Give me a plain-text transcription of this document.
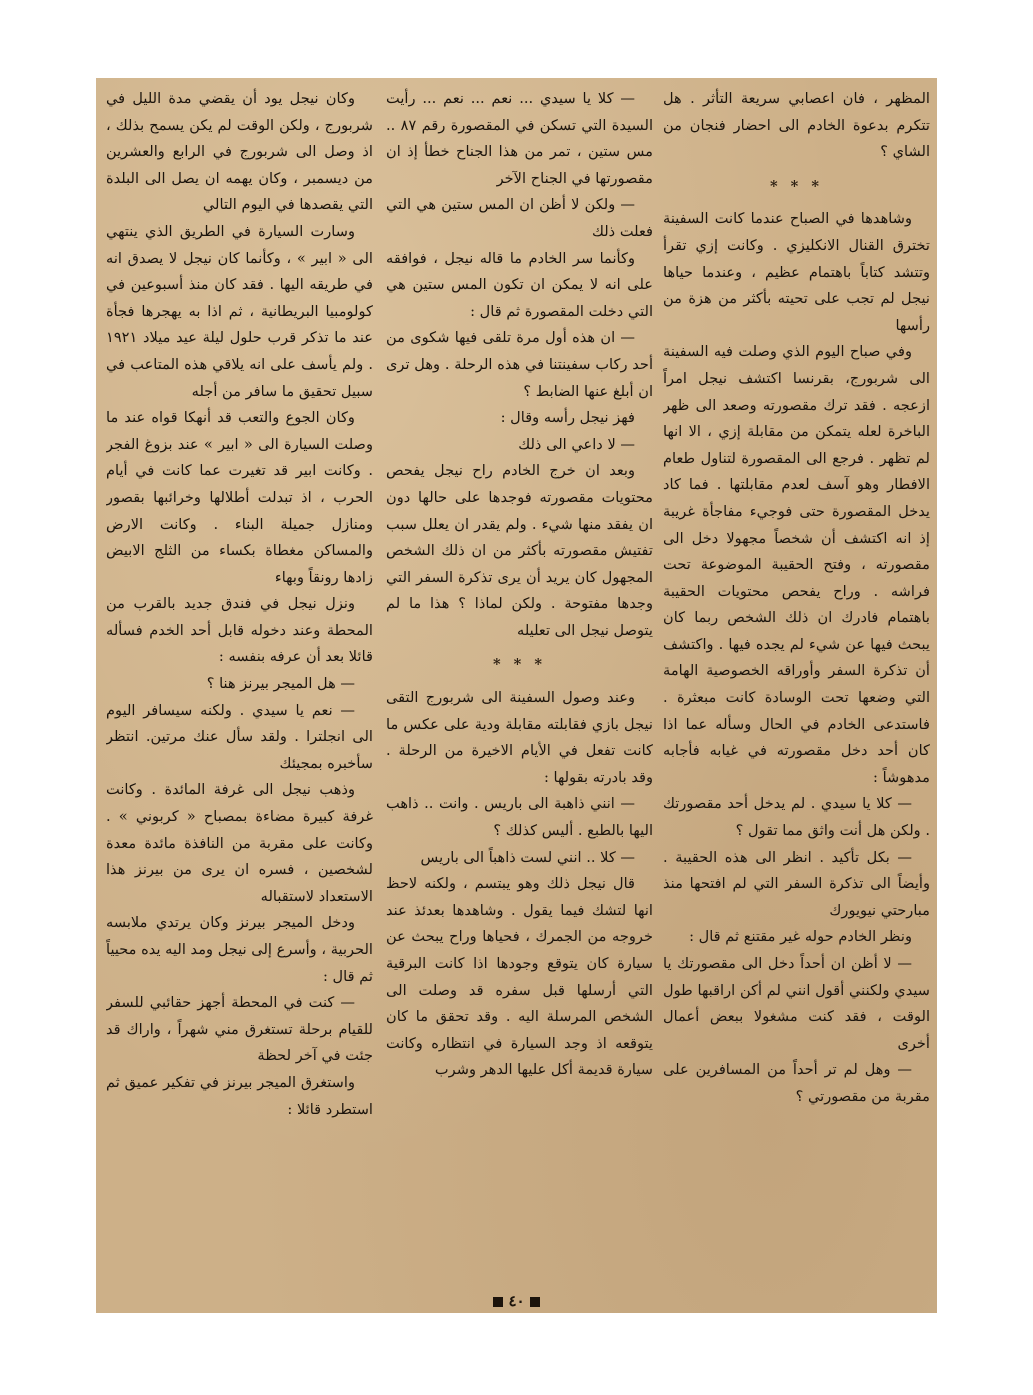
المظهر ، فان اعصابي سريعة التأثر . هل تتكرم بدعوة الخادم الى احضار فنجان من الشاي ؟

* * *

وشاهدها في الصباح عندما كانت السفينة تخترق القنال الانكليزي . وكانت إزي تقرأ وتتشد كتاباً باهتمام عظيم ، وعندما حياها نيجل لم تجب على تحيته بأكثر من هزة من رأسها

وفي صباح اليوم الذي وصلت فيه السفينة الى شربورج، بقرنسا اكتشف نيجل امراً ازعجه . فقد ترك مقصورته وصعد الى ظهر الباخرة لعله يتمكن من مقابلة إزي ، الا انها لم تظهر . فرجع الى المقصورة لتناول طعام الافطار وهو آسف لعدم مقابلتها . فما كاد يدخل المقصورة حتى فوجيء مفاجأة غريبة إذ انه اكتشف أن شخصاً مجهولا دخل الى مقصورته ، وفتح الحقيبة الموضوعة تحت فراشه . وراح يفحص محتويات الحقيبة باهتمام فادرك ان ذلك الشخص ربما كان يبحث فيها عن شيء لم يجده فيها . واكتشف أن تذكرة السفر وأوراقه الخصوصية الهامة التي وضعها تحت الوسادة كانت مبعثرة . فاستدعى الخادم في الحال وسأله عما اذا كان أحد دخل مقصورته في غيابه فأجابه مدهوشاً :

— كلا يا سيدي . لم يدخل أحد مقصورتك . ولكن هل أنت واثق مما تقول ؟

— بكل تأكيد . انظر الى هذه الحقيبة . وأيضاً الى تذكرة السفر التي لم افتحها منذ مبارحتي نيويورك

ونظر الخادم حوله غير مقتنع ثم قال :

— لا أظن ان أحداً دخل الى مقصورتك يا سيدي ولكنني أقول انني لم أكن اراقبها طول الوقت ، فقد كنت مشغولا ببعض أعمال أخرى

— وهل لم تر أحداً من المسافرين على مقربة من مقصورتي ؟

— كلا يا سيدي ... نعم ... نعم ... رأيت السيدة التي تسكن في المقصورة رقم ٨٧ .. مس ستين ، تمر من هذا الجناح خطأ إذ ان مقصورتها في الجناح الآخر

— ولكن لا أظن ان المس ستين هي التي فعلت ذلك

وكأنما سر الخادم ما قاله نيجل ، فوافقه على انه لا يمكن ان تكون المس ستين هي التي دخلت المقصورة ثم قال :

— ان هذه أول مرة تلقى فيها شكوى من أحد ركاب سفينتنا في هذه الرحلة . وهل ترى ان أبلغ عنها الضابط ؟

فهز نيجل رأسه وقال :

— لا داعي الى ذلك

وبعد ان خرج الخادم راح نيجل يفحص محتويات مقصورته فوجدها على حالها دون ان يفقد منها شيء . ولم يقدر ان يعلل سبب تفتيش مقصورته بأكثر من ان ذلك الشخص المجهول كان يريد أن يرى تذكرة السفر التي وجدها مفتوحة . ولكن لماذا ؟ هذا ما لم يتوصل نيجل الى تعليله

* * *

وعند وصول السفينة الى شربورج التقى نيجل بازي فقابلته مقابلة ودية على عكس ما كانت تفعل في الأيام الاخيرة من الرحلة . وقد بادرته بقولها :

— انني ذاهبة الى باريس . وانت .. ذاهب اليها بالطبع . أليس كذلك ؟

— كلا .. انني لست ذاهباً الى باريس

قال نيجل ذلك وهو يبتسم ، ولكنه لاحظ انها لتشك فيما يقول . وشاهدها بعدئذ عند خروجه من الجمرك ، فحياها وراح يبحث عن سيارة كان يتوقع وجودها اذا كانت البرقية التي أرسلها قبل سفره قد وصلت الى الشخص المرسلة اليه . وقد تحقق ما كان يتوقعه اذ وجد السيارة في انتظاره وكانت سيارة قديمة أكل عليها الدهر وشرب

وكان نيجل يود أن يقضي مدة الليل في شربورج ، ولكن الوقت لم يكن يسمح بذلك ، اذ وصل الى شربورج في الرابع والعشرين من ديسمبر ، وكان يهمه ان يصل الى البلدة التي يقصدها في اليوم التالي

وسارت السيارة في الطريق الذي ينتهي الى « ابير » ، وكأنما كان نيجل لا يصدق انه في طريقه اليها . فقد كان منذ أسبوعين في كولومبيا البريطانية ، ثم اذا به يهجرها فجأة عند ما تذكر قرب حلول ليلة عيد ميلاد ١٩٢١ . ولم يأسف على انه يلاقي هذه المتاعب في سبيل تحقيق ما سافر من أجله

وكان الجوع والتعب قد أنهكا قواه عند ما وصلت السيارة الى « ابير » عند بزوغ الفجر . وكانت ابير قد تغيرت عما كانت في أيام الحرب ، اذ تبدلت أطلالها وخرائبها بقصور ومنازل جميلة البناء . وكانت الارض والمساكن مغطاة بكساء من الثلج الابيض زادها رونقاً وبهاء

ونزل نيجل في فندق جديد بالقرب من المحطة وعند دخوله قابل أحد الخدم فسأله قائلا بعد أن عرفه بنفسه :

— هل الميجر بيرنز هنا ؟

— نعم يا سيدي . ولكنه سيسافر اليوم الى انجلترا . ولقد سأل عنك مرتين. انتظر سأخبره بمجيئك

وذهب نيجل الى غرفة المائدة . وكانت غرفة كبيرة مضاءة بمصباح « كربوني » . وكانت على مقربة من النافذة مائدة معدة لشخصين ، فسره ان يرى من بيرنز هذا الاستعداد لاستقباله

ودخل الميجر بيرنز وكان يرتدي ملابسه الحربية ، وأسرع إلى نيجل ومد اليه يده محيياً ثم قال :

— كنت في المحطة أجهز حقائبي للسفر للقيام برحلة تستغرق مني شهراً ، واراك قد جئت في آخر لحظة

واستغرق الميجر بيرنز في تفكير عميق ثم استطرد قائلا :

٤٠
